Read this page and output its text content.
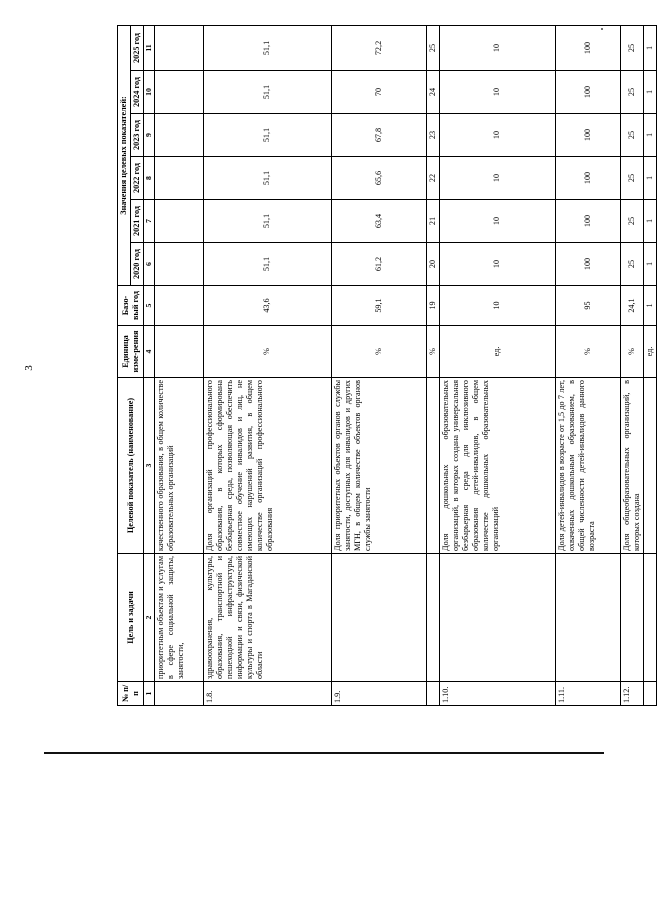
3
№ п/п	Цель и задачи	Целевой показатель (наименование)	Единица изме-рения	Базо-вый год	Значения целевых показателей:					
					2020 год	2021 год	2022 год	2023 год	2024 год	2025 год
1	2	3	4	5	6	7	8	9	10	11
	приоритетным объектам и услугам в сфере социальной защиты, занятости,	качественного образования, в общем количестве образовательных организаций								
1.8.	здравоохранения, культуры, образования, транспортной и пешеходной инфраструктуры, информации и связи, физической культуры и спорта в Магаданской области	Доля организаций профессионального образования, в которых сформирована безбарьерная среда, позволяющая обеспечить совместное обучение инвалидов и лиц, не имеющих нарушений развития, в общем количестве организаций профессионального образования	%	43,6	51,1	51,1	51,1	51,1	51,1	51,1
1.9.		Доля приоритетных объектов органов службы занятости, доступных для инвалидов и других МГН, в общем количестве объектов органов службы занятости	%	59,1	61,2	63,4	65,6	67,8	70	72,2
			%	19	20	21	22	23	24	25
1.10.		Доля дошкольных образовательных организаций, в которых создана универсальная безбарьерная среда для инклюзивного образования детей-инвалидов, в общем количестве дошкольных образовательных организаций	ед.	10	10	10	10	10	10	10
1.11.		Доля детей-инвалидов в возрасте от 1,5 до 7 лет, охваченных дошкольным образованием, в общей численности детей-инвалидов данного возраста	%	95	100	100	100	100	100	100
1.12.		Доля общеобразовательных организаций, в которых создана	%	24,1	25	25	25	25	25	25
			ед.	1	1	1	1	1	1	1
